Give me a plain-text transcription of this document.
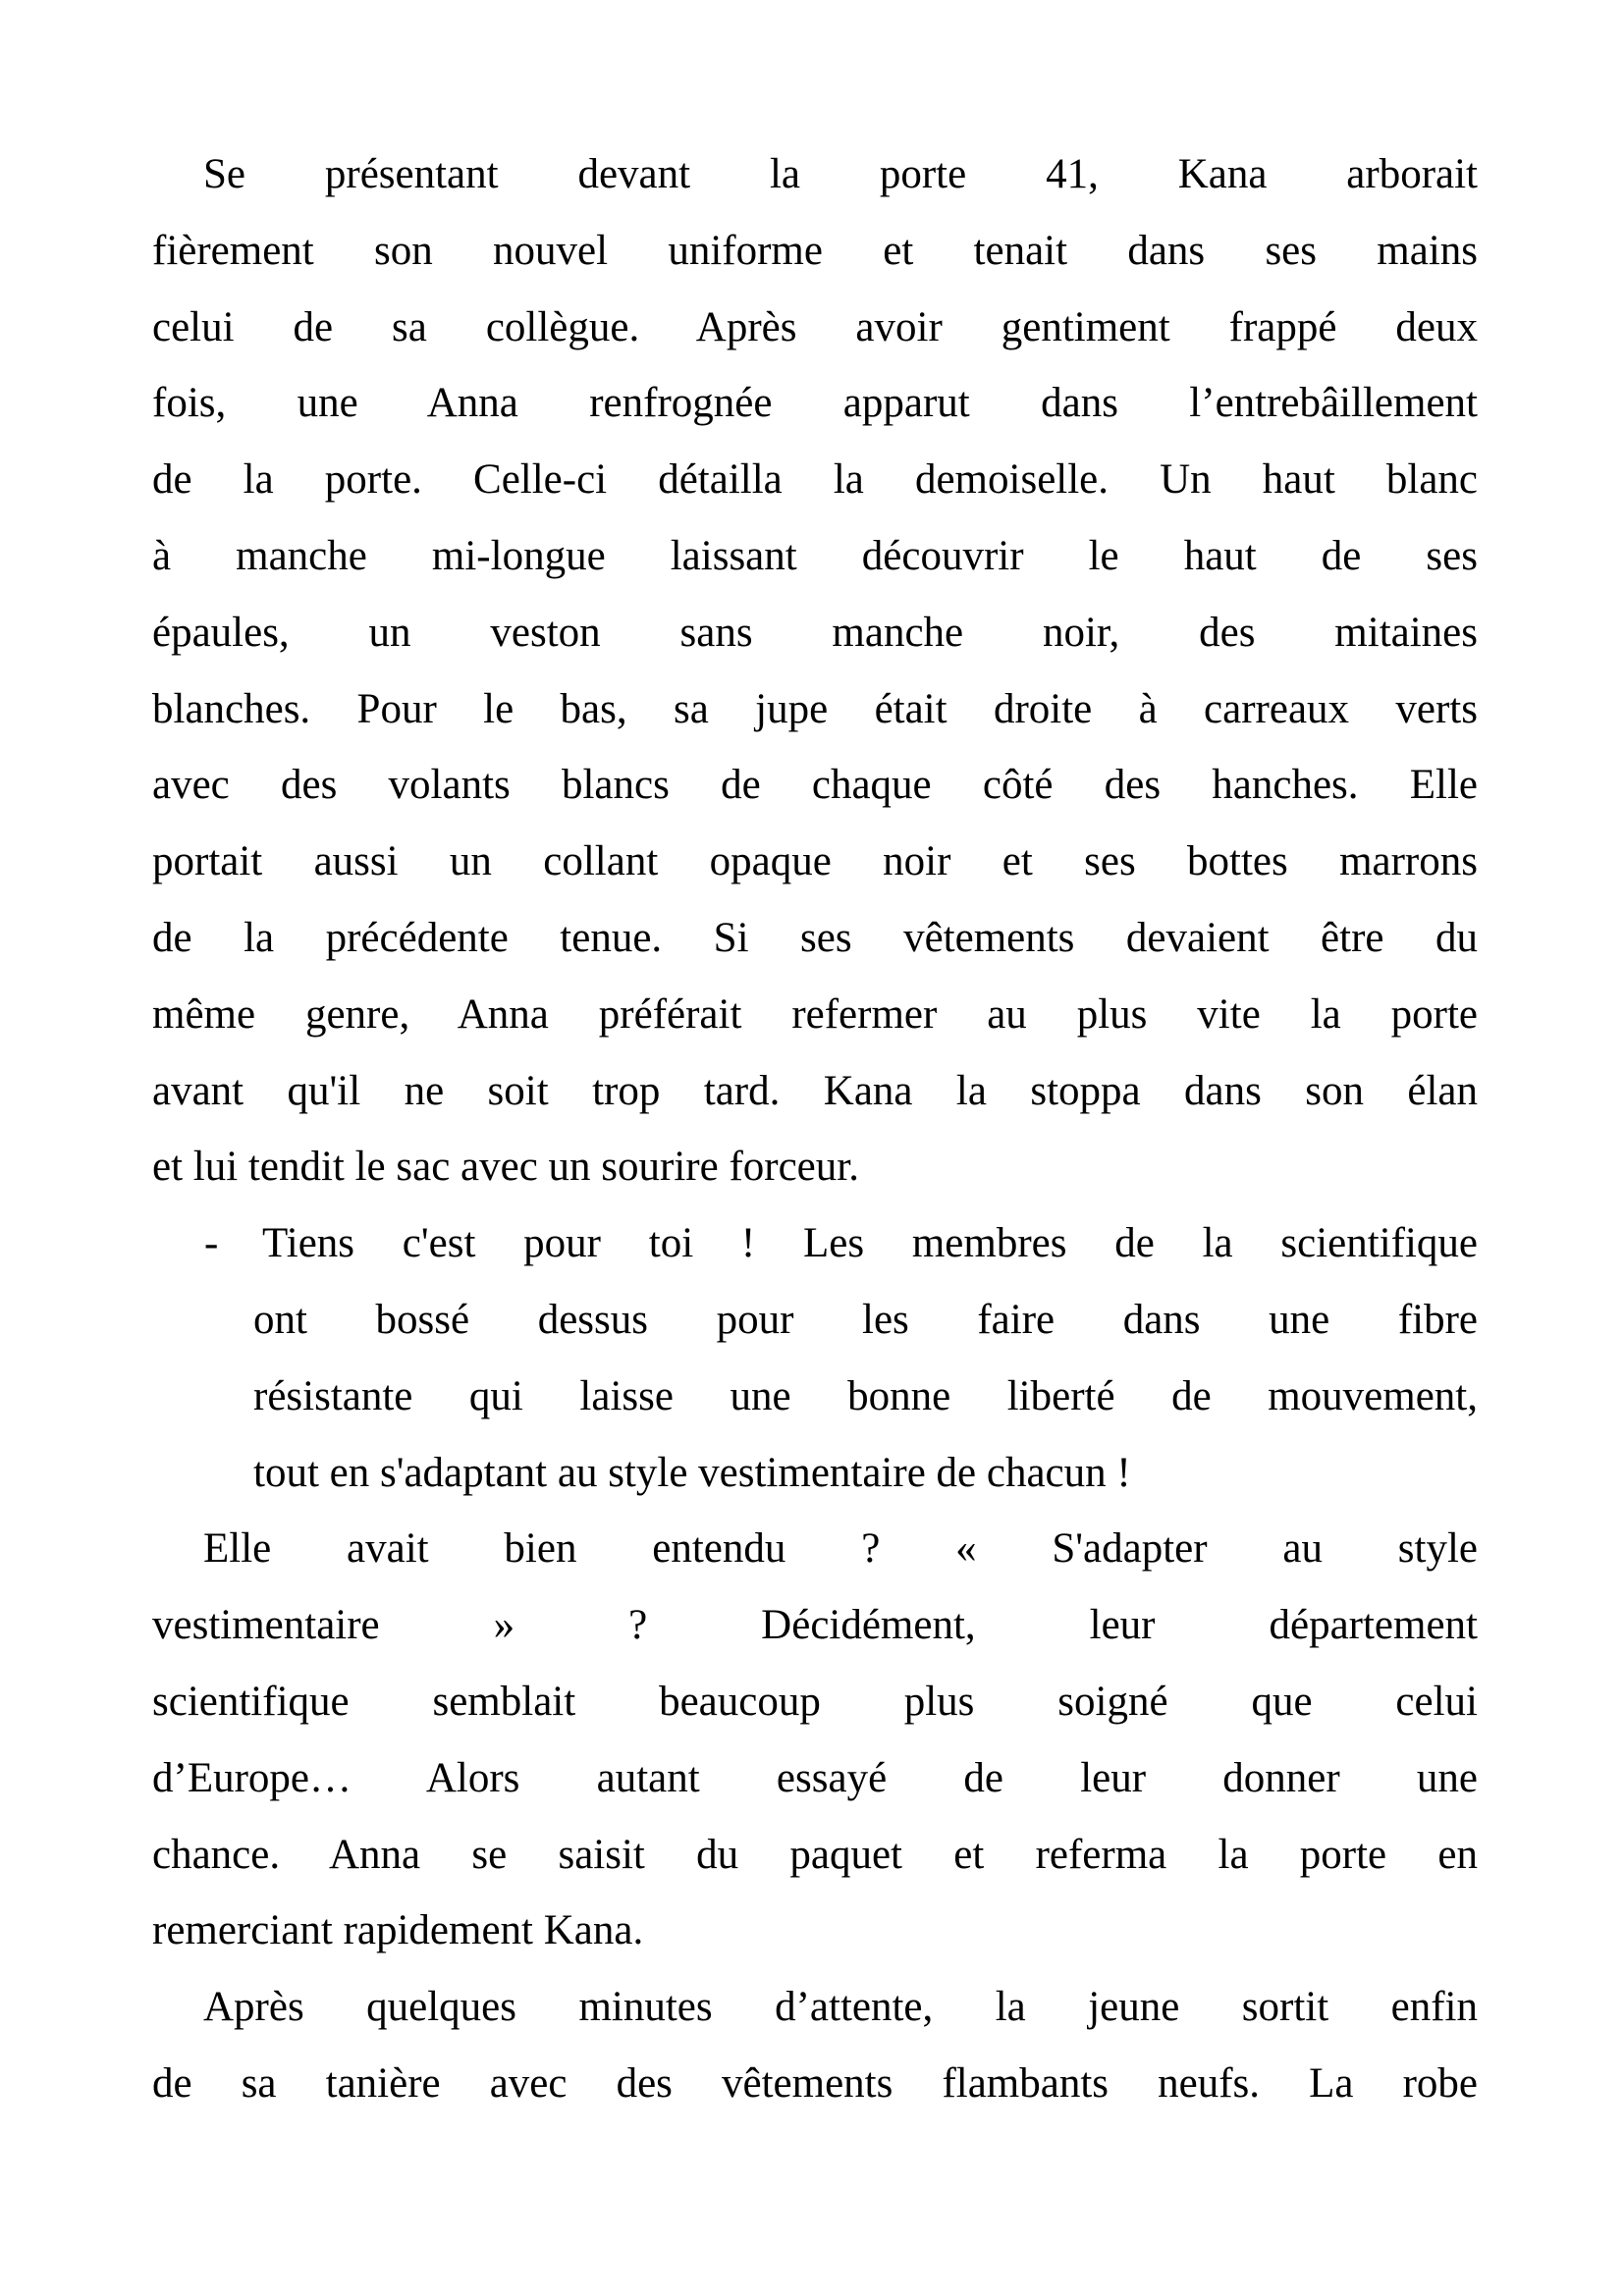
Se présentant devant la porte 41, Kana arborait
fièrement son nouvel uniforme et tenait dans ses mains
celui de sa collègue. Après avoir gentiment frappé deux
fois, une Anna renfrognée apparut dans l’entrebâillement
de la porte. Celle-ci détailla la demoiselle. Un haut blanc
à manche mi-longue laissant découvrir le haut de ses
épaules, un veston sans manche noir, des mitaines
blanches. Pour le bas, sa jupe était droite à carreaux verts
avec des volants blancs de chaque côté des hanches. Elle
portait aussi un collant opaque noir et ses bottes marrons
de la précédente tenue. Si ses vêtements devaient être du
même genre, Anna préférait refermer au plus vite la porte
avant qu'il ne soit trop tard. Kana la stoppa dans son élan
et lui tendit le sac avec un sourire forceur.
- Tiens c'est pour toi ! Les membres de la scientifique
ont bossé dessus pour les faire dans une fibre
résistante qui laisse une bonne liberté de mouvement,
tout en s'adaptant au style vestimentaire de chacun !
Elle avait bien entendu ? « S'adapter au style
vestimentaire » ? Décidément, leur département
scientifique semblait beaucoup plus soigné que celui
d’Europe… Alors autant essayé de leur donner une
chance. Anna se saisit du paquet et referma la porte en
remerciant rapidement Kana.
Après quelques minutes d’attente, la jeune sortit enfin
de sa tanière avec des vêtements flambants neufs. La robe
